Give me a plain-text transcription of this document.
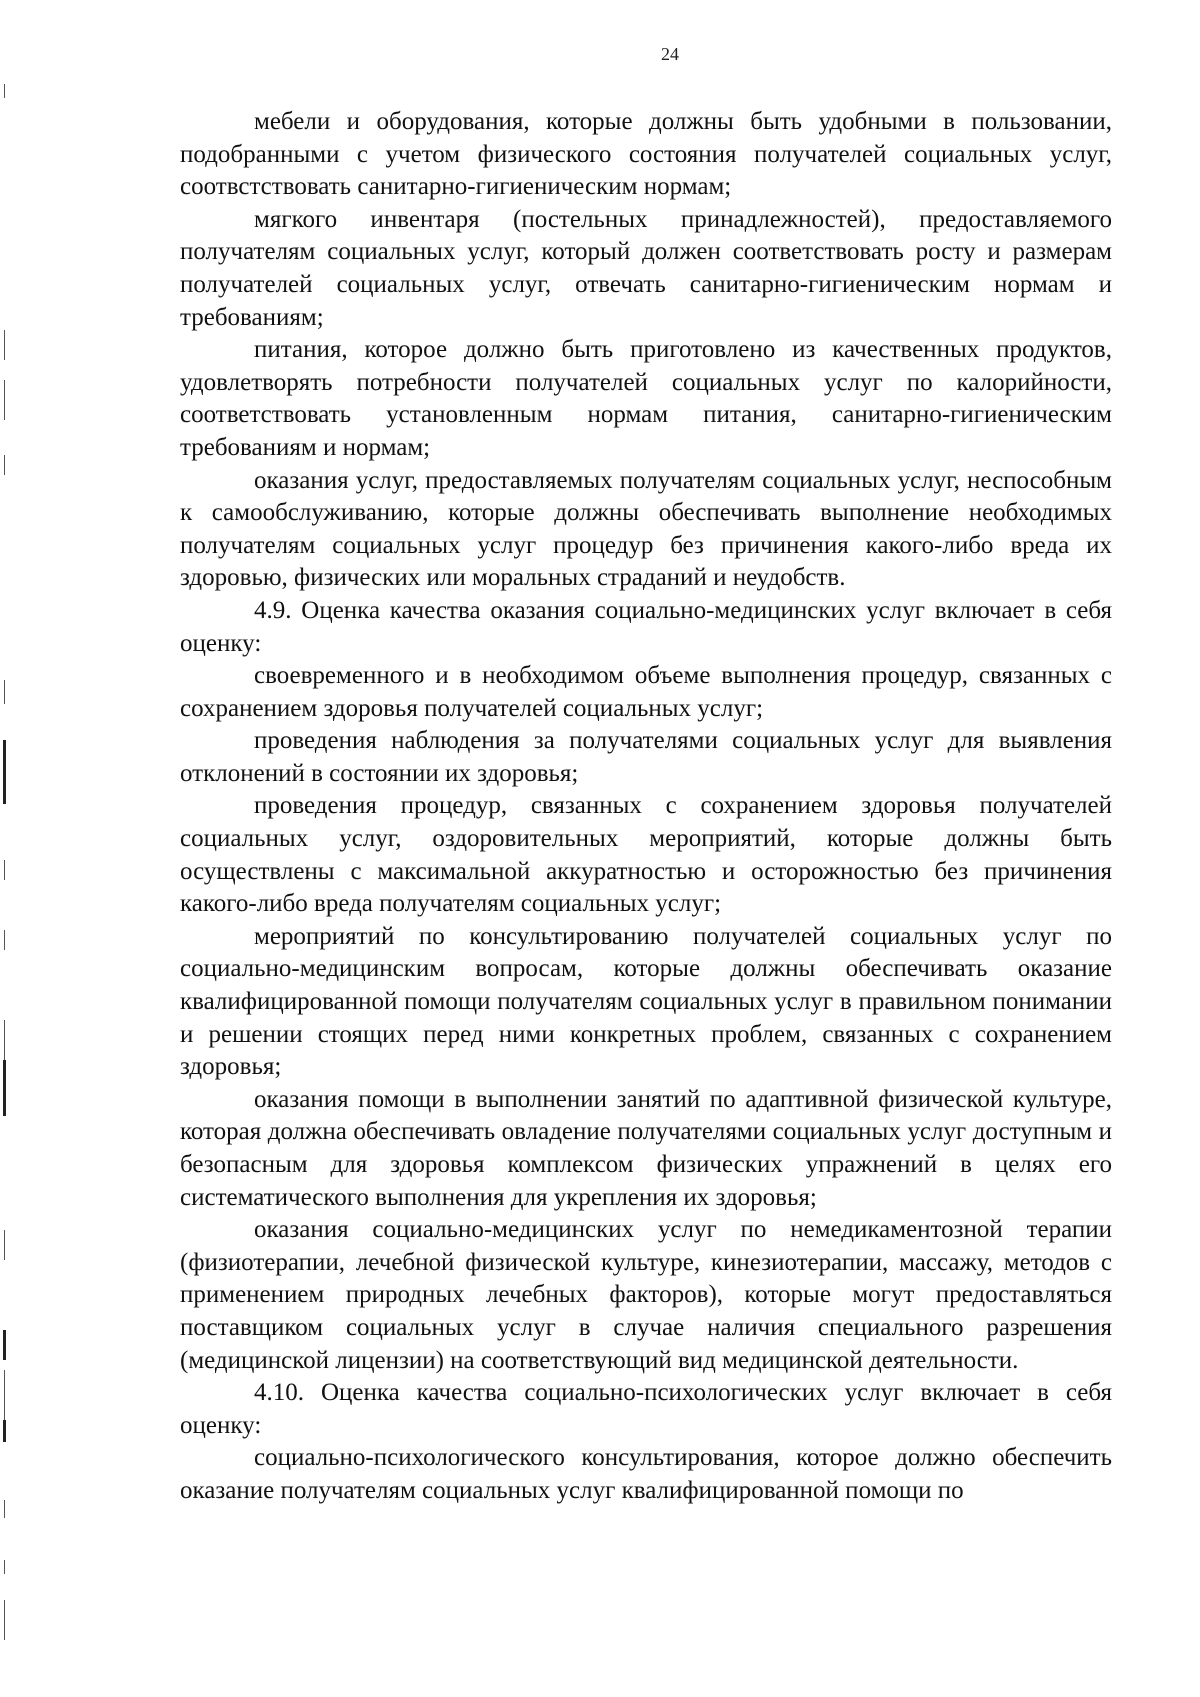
24

мебели и оборудования, которые должны быть удобными в пользовании, подобранными с учетом физического состояния получателей социальных услуг, соотвстствовать санитарно-гигиеническим нормам;

мягкого инвентаря (постельных принадлежностей), предоставляемого получателям социальных услуг, который должен соответствовать росту и размерам получателей социальных услуг, отвечать санитарно-гигиеническим нормам и требованиям;

питания, которое должно быть приготовлено из качественных продуктов, удовлетворять потребности получателей социальных услуг по калорийности, соответствовать установленным нормам питания, санитарно-гигиеническим требованиям и нормам;

оказания услуг, предоставляемых получателям социальных услуг, неспособным к самообслуживанию, которые должны обеспечивать выполнение необходимых получателям социальных услуг процедур без причинения какого-либо вреда их здоровью, физических или моральных страданий и неудобств.

4.9. Оценка качества оказания социально-медицинских услуг включает в себя оценку:

своевременного и в необходимом объеме выполнения процедур, связанных с сохранением здоровья получателей социальных услуг;

проведения наблюдения за получателями социальных услуг для выявления отклонений в состоянии их здоровья;

проведения процедур, связанных с сохранением здоровья получателей социальных услуг, оздоровительных мероприятий, которые должны быть осуществлены с максимальной аккуратностью и осторожностью без причинения какого-либо вреда получателям социальных услуг;

мероприятий по консультированию получателей социальных услуг по социально-медицинским вопросам, которые должны обеспечивать оказание квалифицированной помощи получателям социальных услуг в правильном понимании и решении стоящих перед ними конкретных проблем, связанных с сохранением здоровья;

оказания помощи в выполнении занятий по адаптивной физической культуре, которая должна обеспечивать овладение получателями социальных услуг доступным и безопасным для здоровья комплексом физических упражнений в целях его систематического выполнения для укрепления их здоровья;

оказания социально-медицинских услуг по немедикаментозной терапии (физиотерапии, лечебной физической культуре, кинезиотерапии, массажу, методов с применением природных лечебных факторов), которые могут предоставляться поставщиком социальных услуг в случае наличия специального разрешения (медицинской лицензии) на соответствующий вид медицинской деятельности.

4.10. Оценка качества социально-психологических услуг включает в себя оценку:

социально-психологического консультирования, которое должно обеспечить оказание получателям социальных услуг квалифицированной помощи по
